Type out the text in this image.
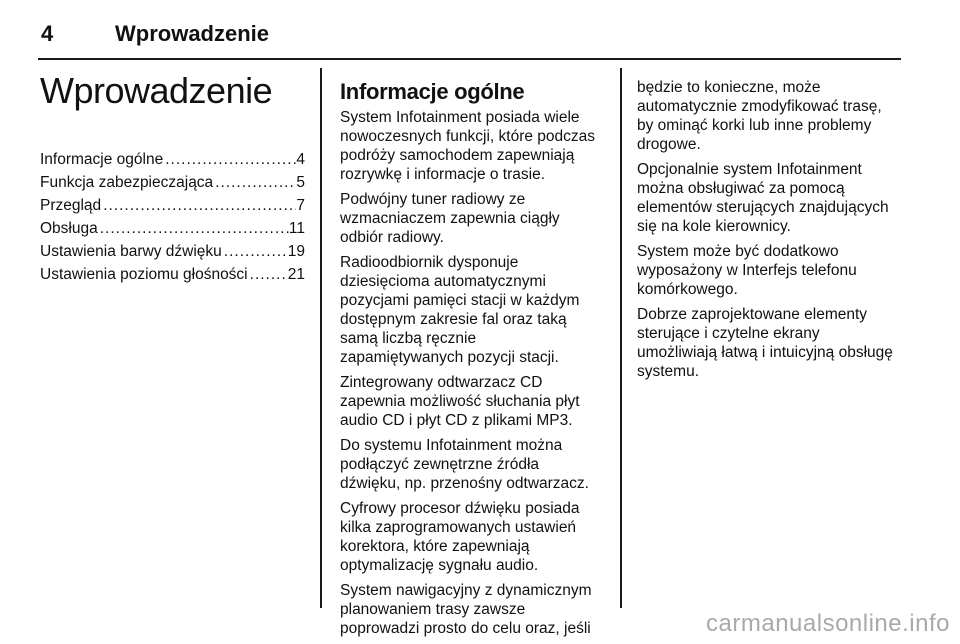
4	Wprowadzenie
Wprowadzenie
Informacje ogólne .....	4
Funkcja zabezpieczająca .....	5
Przegląd .....	7
Obsługa .....	11
Ustawienia barwy dźwięku .....	19
Ustawienia poziomu głośności .....	21
Informacje ogólne

System Infotainment posiada wiele
nowoczesnych funkcji, które podczas
podróży samochodem zapewniają
rozrywkę i informacje o trasie.

Podwójny tuner radiowy ze
wzmacniaczem zapewnia ciągły
odbiór radiowy.

Radioodbiornik dysponuje
dziesięcioma automatycznymi
pozycjami pamięci stacji w każdym
dostępnym zakresie fal oraz taką
samą liczbą ręcznie
zapamiętywanych pozycji stacji.

Zintegrowany odtwarzacz CD
zapewnia możliwość słuchania płyt
audio CD i płyt CD z plikami MP3.

Do systemu Infotainment można
podłączyć zewnętrzne źródła
dźwięku, np. przenośny odtwarzacz.

Cyfrowy procesor dźwięku posiada
kilka zaprogramowanych ustawień
korektora, które zapewniają
optymalizację sygnału audio.

System nawigacyjny z dynamicznym
planowaniem trasy zawsze
poprowadzi prosto do celu oraz, jeśli

będzie to konieczne, może
automatycznie zmodyfikować trasę,
by ominąć korki lub inne problemy
drogowe.

Opcjonalnie system Infotainment
można obsługiwać za pomocą
elementów sterujących znajdujących
się na kole kierownicy.

System może być dodatkowo
wyposażony w Interfejs telefonu
komórkowego.

Dobrze zaprojektowane elementy
sterujące i czytelne ekrany
umożliwiają łatwą i intuicyjną obsługę
systemu.

carmanualsonline.info
